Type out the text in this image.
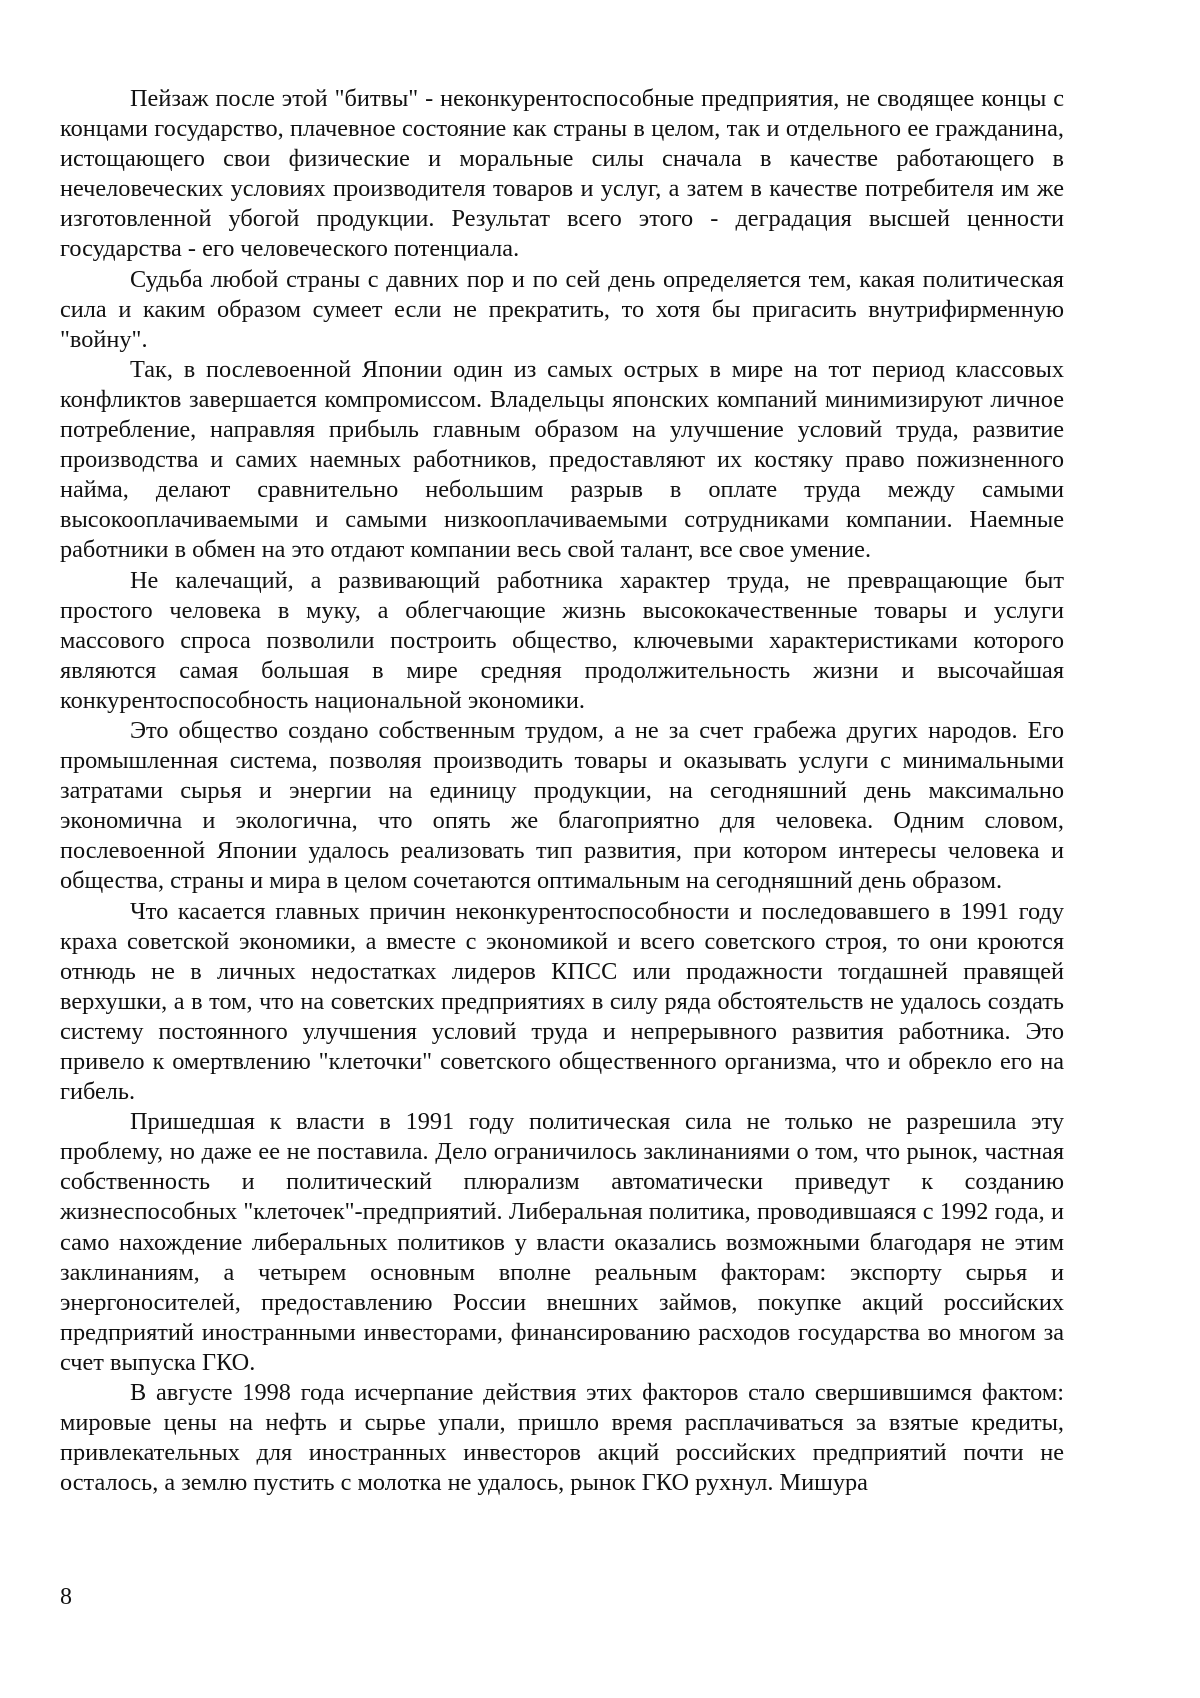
Пейзаж после этой "битвы" - неконкурентоспособные предприятия, не сводящее концы с концами государство, плачевное состояние как страны в целом, так и отдельного ее гражданина, истощающего свои физические и моральные силы сначала в качестве работающего в нечеловеческих условиях производителя товаров и услуг, а затем в качестве потребителя им же изготовленной убогой продукции. Результат всего этого - деградация высшей ценности государства - его человеческого потенциала.

Судьба любой страны с давних пор и по сей день определяется тем, какая политическая сила и каким образом сумеет если не прекратить, то хотя бы пригасить внутрифирменную "войну".

Так, в послевоенной Японии один из самых острых в мире на тот период классовых конфликтов завершается компромиссом. Владельцы японских компаний минимизируют личное потребление, направляя прибыль главным образом на улучшение условий труда, развитие производства и самих наемных работников, предоставляют их костяку право пожизненного найма, делают сравнительно небольшим разрыв в оплате труда между самыми высокооплачиваемыми и самыми низкооплачиваемыми сотрудниками компании. Наемные работники в обмен на это отдают компании весь свой талант, все свое умение.

Не калечащий, а развивающий работника характер труда, не превращающие быт простого человека в муку, а облегчающие жизнь высококачественные товары и услуги массового спроса позволили построить общество, ключевыми характеристиками которого являются самая большая в мире средняя продолжительность жизни и высочайшая конкурентоспособность национальной экономики.

Это общество создано собственным трудом, а не за счет грабежа других народов. Его промышленная система, позволяя производить товары и оказывать услуги с минимальными затратами сырья и энергии на единицу продукции, на сегодняшний день максимально экономична и экологична, что опять же благоприятно для человека. Одним словом, послевоенной Японии удалось реализовать тип развития, при котором интересы человека и общества, страны и мира в целом сочетаются оптимальным на сегодняшний день образом.

Что касается главных причин неконкурентоспособности и последовавшего в 1991 году краха советской экономики, а вместе с экономикой и всего советского строя, то они кроются отнюдь не в личных недостатках лидеров КПСС или продажности тогдашней правящей верхушки, а в том, что на советских предприятиях в силу ряда обстоятельств не удалось создать систему постоянного улучшения условий труда и непрерывного развития работника. Это привело к омертвлению "клеточки" советского общественного организма, что и обрекло его на гибель.

Пришедшая к власти в 1991 году политическая сила не только не разрешила эту проблему, но даже ее не поставила. Дело ограничилось заклинаниями о том, что рынок, частная собственность и политический плюрализм автоматически приведут к созданию жизнеспособных "клеточек"-предприятий. Либеральная политика, проводившаяся с 1992 года, и само нахождение либеральных политиков у власти оказались возможными благодаря не этим заклинаниям, а четырем основным вполне реальным факторам: экспорту сырья и энергоносителей, предоставлению России внешних займов, покупке акций российских предприятий иностранными инвесторами, финансированию расходов государства во многом за счет выпуска ГКО.

В августе 1998 года исчерпание действия этих факторов стало свершившимся фактом: мировые цены на нефть и сырье упали, пришло время расплачиваться за взятые кредиты, привлекательных для иностранных инвесторов акций российских предприятий почти не осталось, а землю пустить с молотка не удалось, рынок ГКО рухнул. Мишура

8
